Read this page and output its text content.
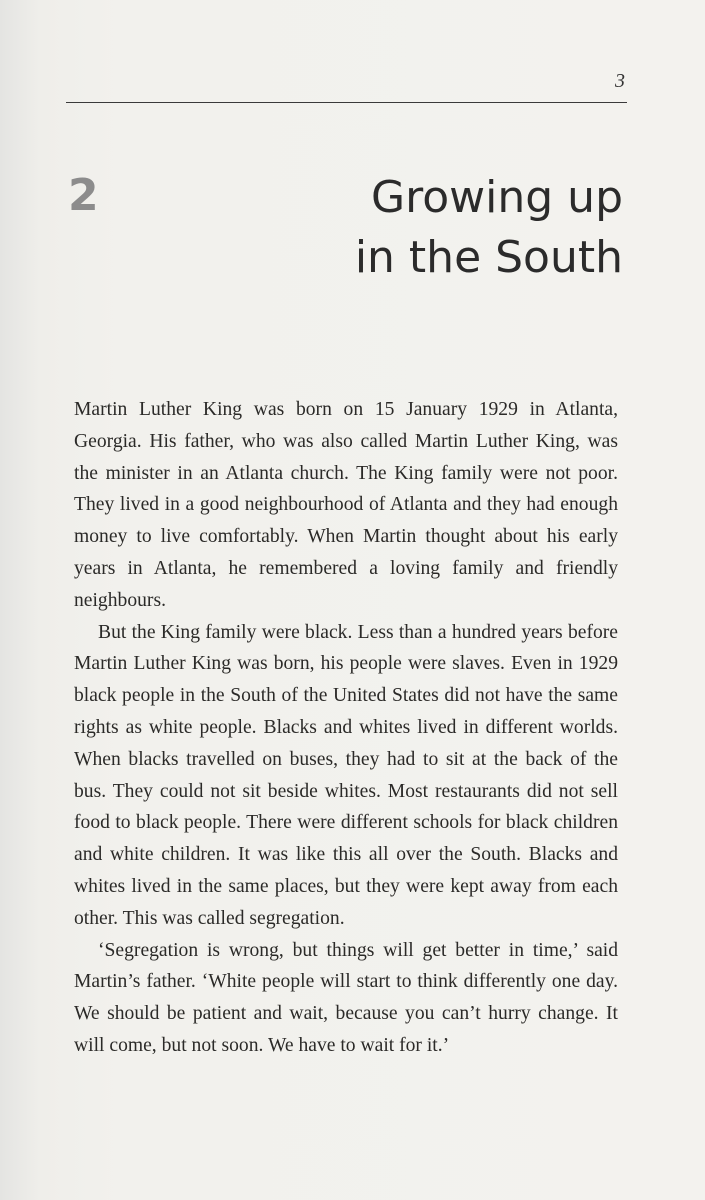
3
2	Growing up
in the South

Martin Luther King was born on 15 January 1929 in Atlanta, Georgia. His father, who was also called Martin Luther King, was the minister in an Atlanta church. The King family were not poor. They lived in a good neighbourhood of Atlanta and they had enough money to live comfortably. When Martin thought about his early years in Atlanta, he remembered a loving family and friendly neighbours.

But the King family were black. Less than a hundred years before Martin Luther King was born, his people were slaves. Even in 1929 black people in the South of the United States did not have the same rights as white people. Blacks and whites lived in different worlds. When blacks travelled on buses, they had to sit at the back of the bus. They could not sit beside whites. Most restaurants did not sell food to black people. There were different schools for black children and white children. It was like this all over the South. Blacks and whites lived in the same places, but they were kept away from each other. This was called segregation.

‘Segregation is wrong, but things will get better in time,’ said Martin’s father. ‘White people will start to think differently one day. We should be patient and wait, because you can’t hurry change. It will come, but not soon. We have to wait for it.’
